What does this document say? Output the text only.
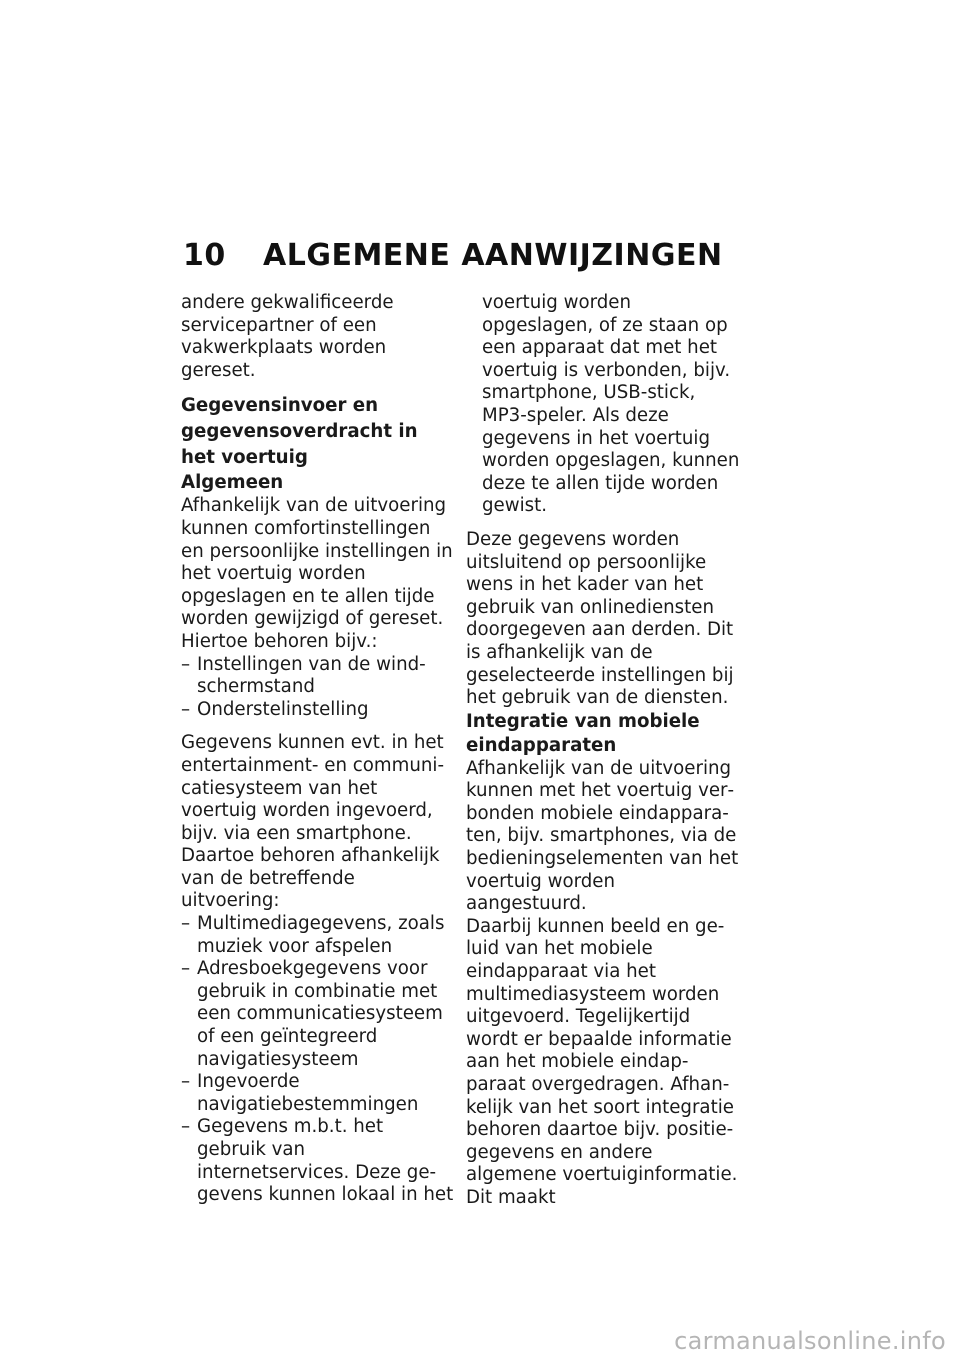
10	ALGEMENE AANWIJZINGEN

andere gekwalificeerde servicepartner of een vakwerkplaats worden gereset.

Gegevensinvoer en gegevensoverdracht in het voertuig

Algemeen

Afhankelijk van de uitvoering kunnen comfortinstellingen en persoonlijke instellingen in het voertuig worden opgeslagen en te allen tijde worden gewijzigd of gereset.

Hiertoe behoren bijv.:

– Instellingen van de windschermstand
– Onderstelinstelling

Gegevens kunnen evt. in het entertainment- en communicatiesysteem van het voertuig worden ingevoerd, bijv. via een smartphone.

Daartoe behoren afhankelijk van de betreffende uitvoering:

– Multimediagegevens, zoals muziek voor afspelen
– Adresboekgegevens voor gebruik in combinatie met een communicatiesysteem of een geïntegreerd navigatiesysteem
– Ingevoerde navigatiebestemmingen
– Gegevens m.b.t. het gebruik van internetservices. Deze gegevens kunnen lokaal in het

voertuig worden opgeslagen, of ze staan op een apparaat dat met het voertuig is verbonden, bijv. smartphone, USB-stick, MP3-speler. Als deze gegevens in het voertuig worden opgeslagen, kunnen deze te allen tijde worden gewist.

Deze gegevens worden uitsluitend op persoonlijke wens in het kader van het gebruik van onlinediensten doorgegeven aan derden. Dit is afhankelijk van de geselecteerde instellingen bij het gebruik van de diensten.

Integratie van mobiele eindapparaten

Afhankelijk van de uitvoering kunnen met het voertuig verbonden mobiele eindapparaten, bijv. smartphones, via de bedieningselementen van het voertuig worden aangestuurd.

Daarbij kunnen beeld en geluid van het mobiele eindapparaat via het multimediasysteem worden uitgevoerd. Tegelijkertijd wordt er bepaalde informatie aan het mobiele eindapparaat overgedragen. Afhankelijk van het soort integratie behoren daartoe bijv. positiegegevens en andere algemene voertuiginformatie. Dit maakt

carmanualsonline.info
